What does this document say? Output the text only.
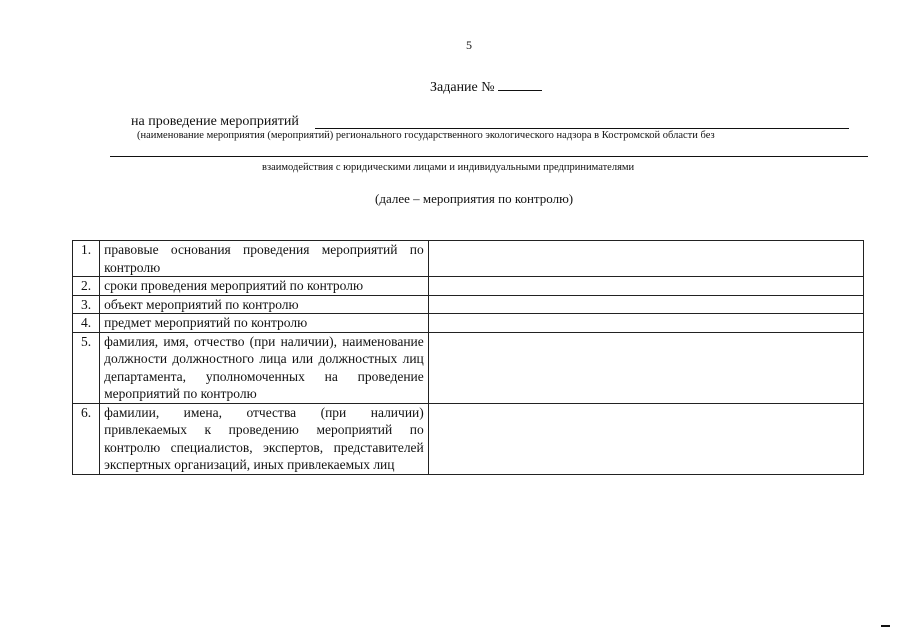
5
Задание №
на проведение мероприятий
(наименование мероприятия (мероприятий) регионального государственного экологического надзора в Костромской области без
взаимодействия с юридическими лицами и индивидуальными предпринимателями
(далее – мероприятия по контролю)
1.	правовые основания проведения мероприятий по контролю	
2.	сроки проведения мероприятий по контролю	
3.	объект мероприятий по контролю	
4.	предмет мероприятий по контролю	
5.	фамилия, имя, отчество (при наличии), наименование должности должностного лица или должностных лиц департамента, уполномоченных на проведение мероприятий по контролю	
6.	фамилии, имена, отчества (при наличии) привлекаемых к проведению мероприятий по контролю специалистов, экспертов, представителей экспертных организаций, иных привлекаемых лиц	
